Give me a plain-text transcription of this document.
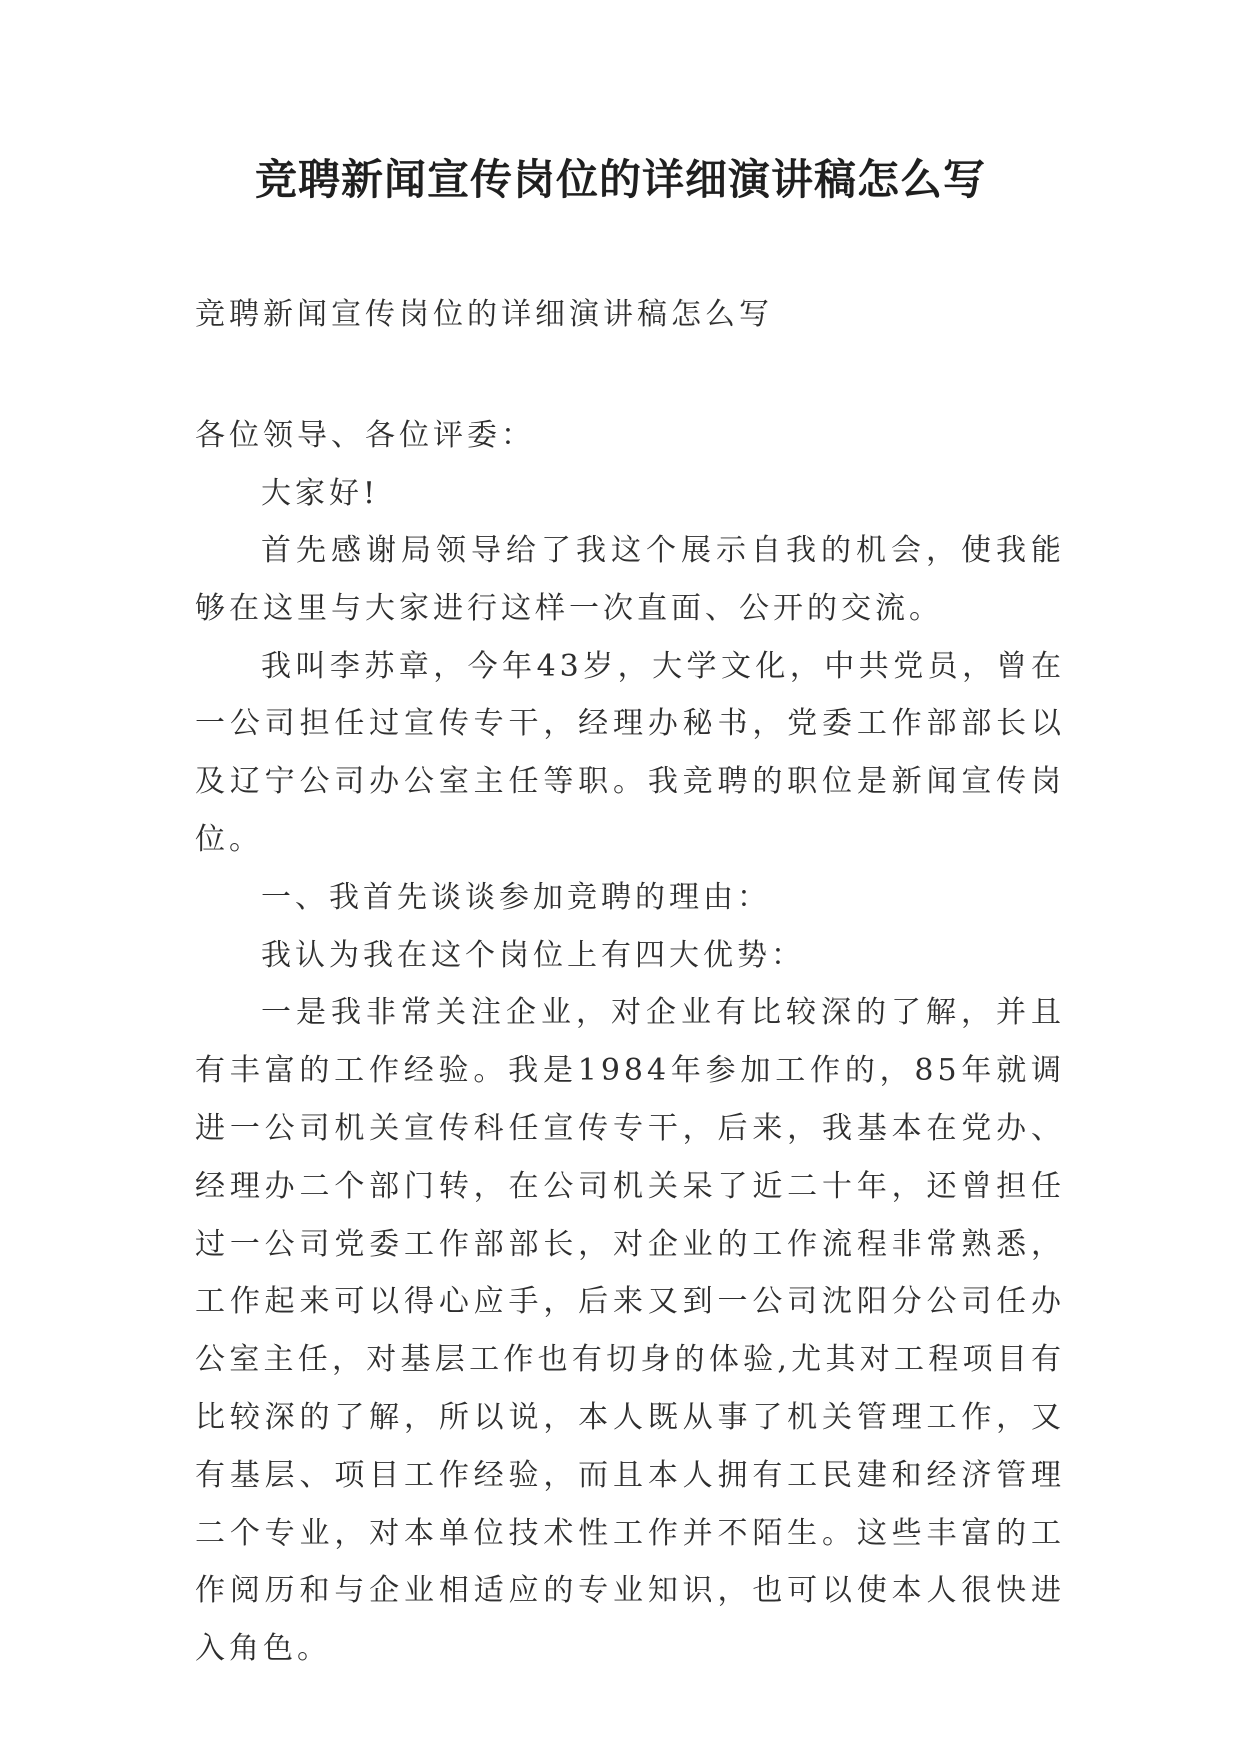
竞聘新闻宣传岗位的详细演讲稿怎么写

竞聘新闻宣传岗位的详细演讲稿怎么写

各位领导、各位评委：

大家好!

首先感谢局领导给了我这个展示自我的机会，使我能够在这里与大家进行这样一次直面、公开的交流。

我叫李苏章，今年43岁，大学文化，中共党员，曾在一公司担任过宣传专干，经理办秘书，党委工作部部长以及辽宁公司办公室主任等职。我竞聘的职位是新闻宣传岗位。

一、我首先谈谈参加竞聘的理由：

我认为我在这个岗位上有四大优势：

一是我非常关注企业，对企业有比较深的了解，并且有丰富的工作经验。我是1984年参加工作的，85年就调进一公司机关宣传科任宣传专干，后来，我基本在党办、经理办二个部门转，在公司机关呆了近二十年，还曾担任过一公司党委工作部部长，对企业的工作流程非常熟悉，工作起来可以得心应手，后来又到一公司沈阳分公司任办公室主任，对基层工作也有切身的体验,尤其对工程项目有比较深的了解，所以说，本人既从事了机关管理工作，又有基层、项目工作经验，而且本人拥有工民建和经济管理二个专业，对本单位技术性工作并不陌生。这些丰富的工作阅历和与企业相适应的专业知识，也可以使本人很快进入角色。
